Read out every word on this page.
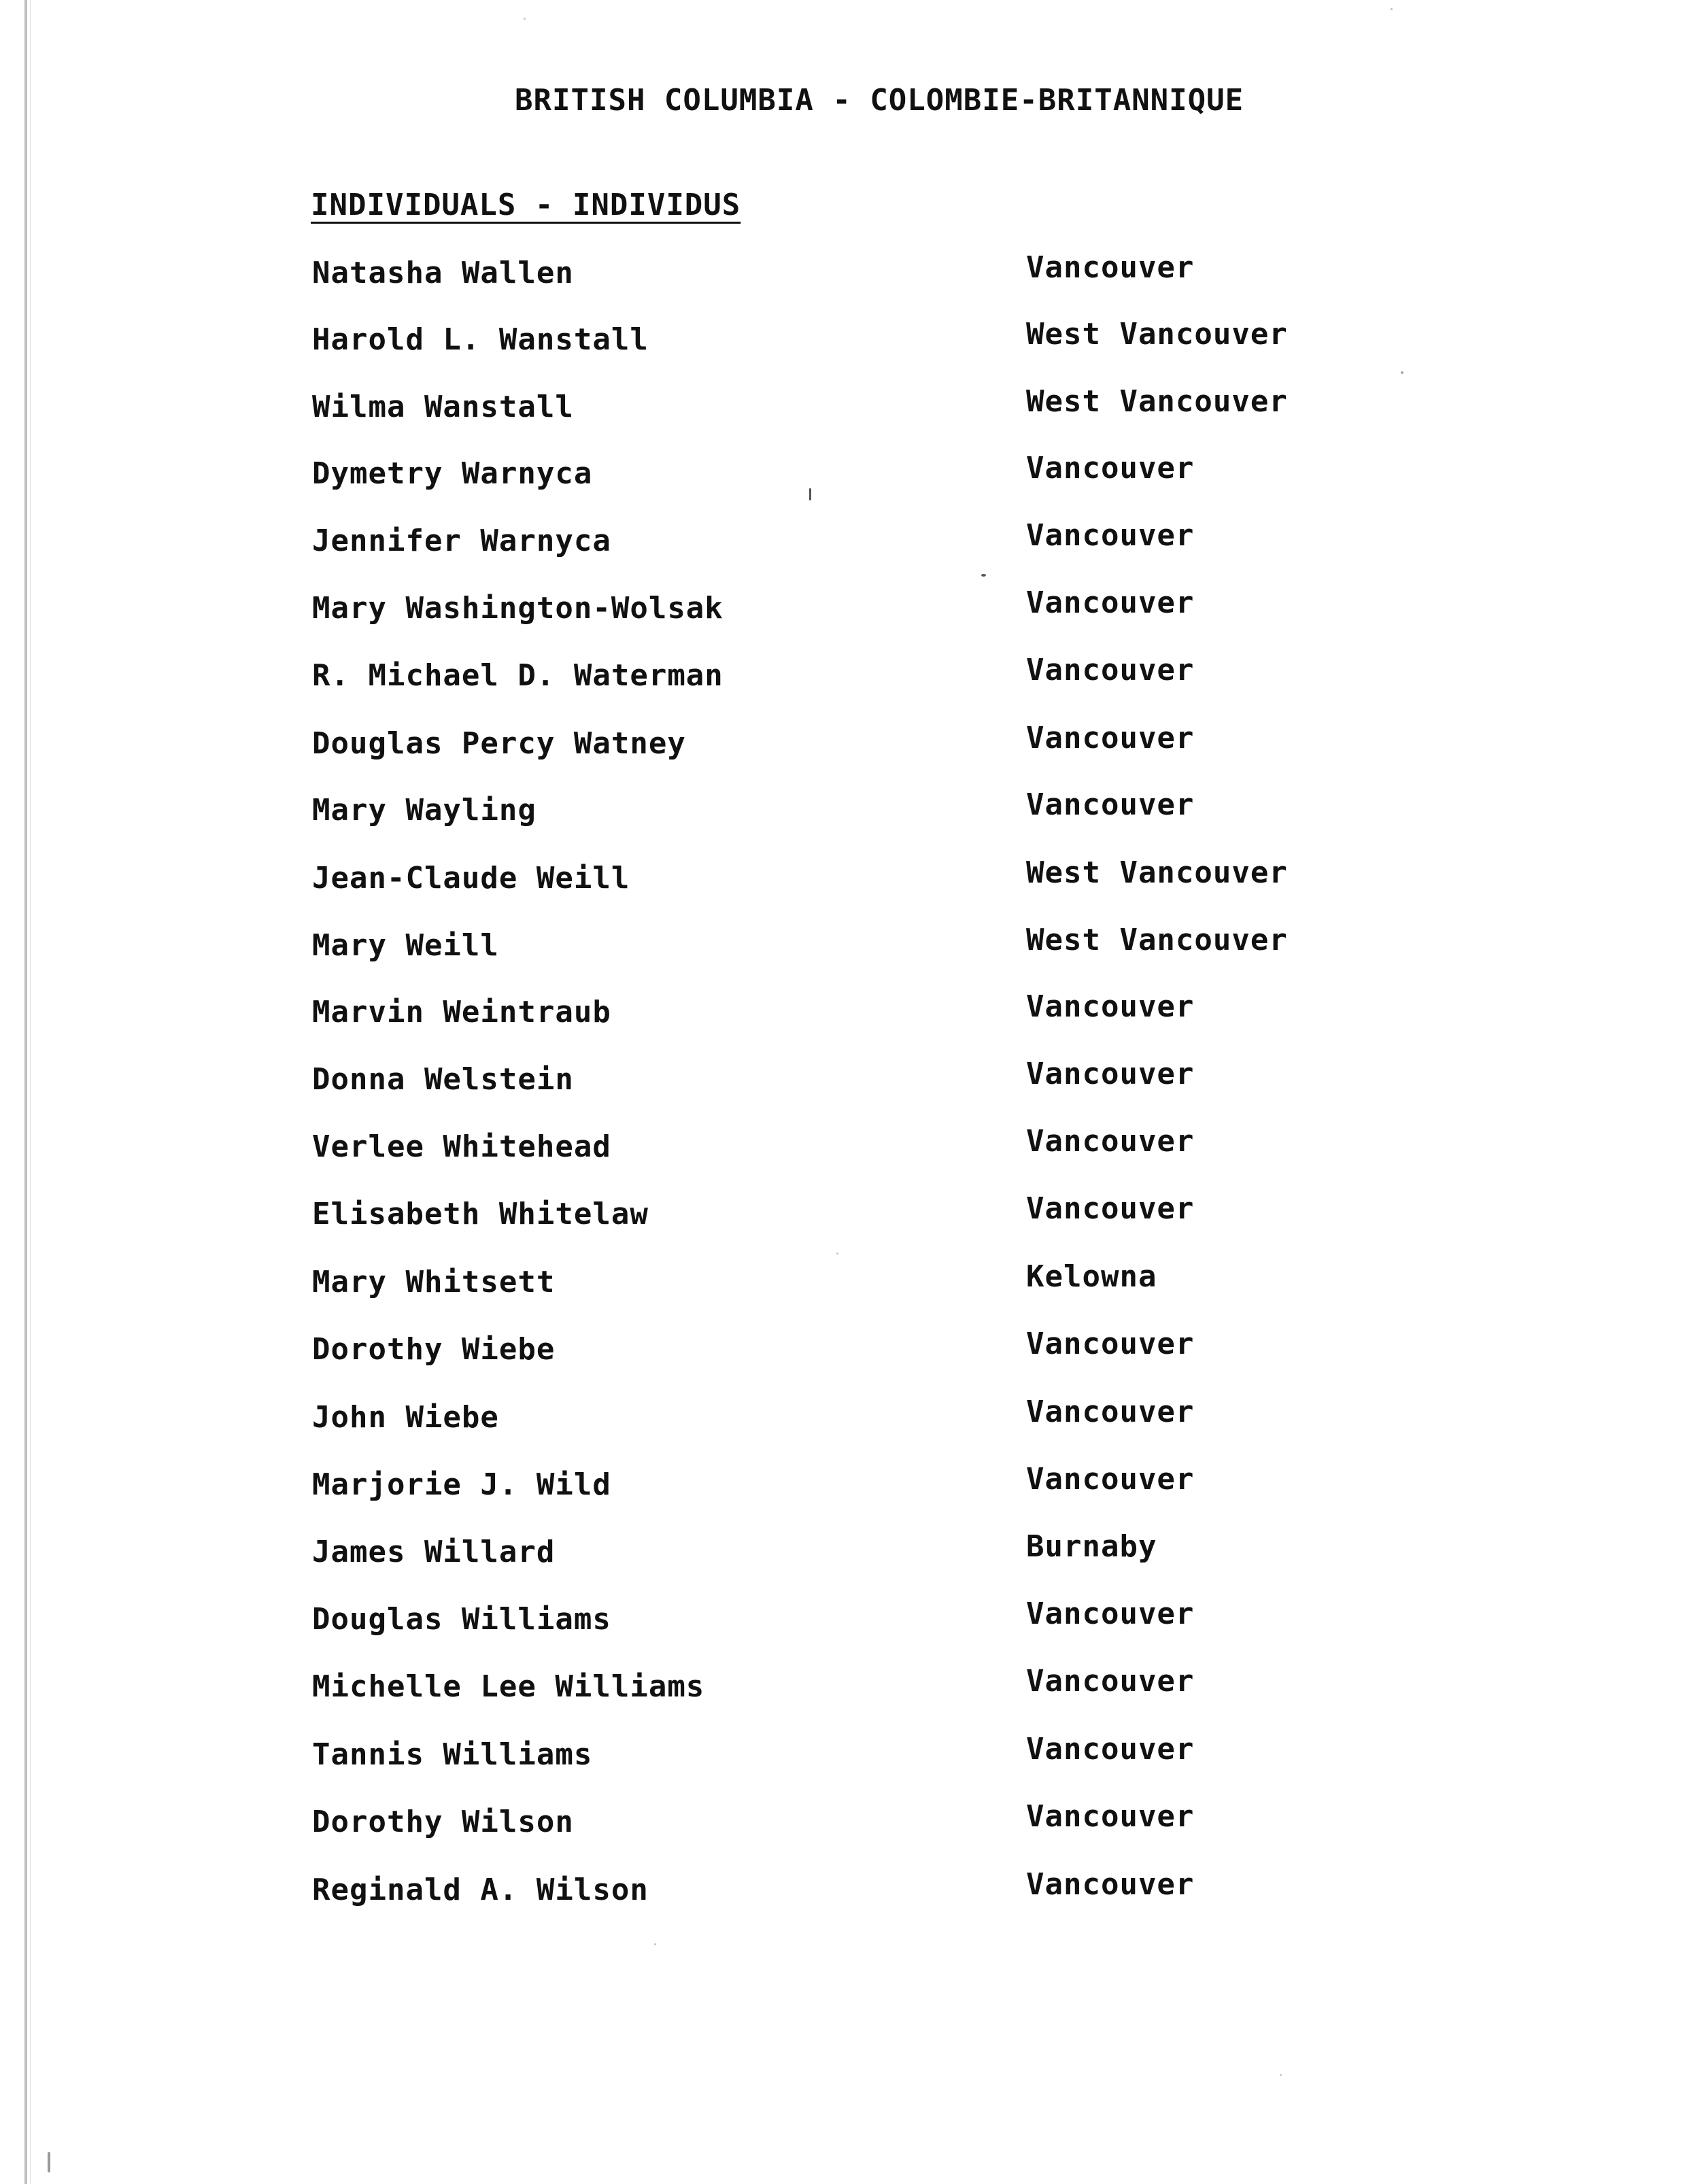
BRITISH COLUMBIA - COLOMBIE-BRITANNIQUE
INDIVIDUALS - INDIVIDUS
Natasha Wallen	Vancouver
Harold L. Wanstall	West Vancouver
Wilma Wanstall	West Vancouver
Dymetry Warnyca	Vancouver
Jennifer Warnyca	Vancouver
Mary Washington-Wolsak	Vancouver
R. Michael D. Waterman	Vancouver
Douglas Percy Watney	Vancouver
Mary Wayling	Vancouver
Jean-Claude Weill	West Vancouver
Mary Weill	West Vancouver
Marvin Weintraub	Vancouver
Donna Welstein	Vancouver
Verlee Whitehead	Vancouver
Elisabeth Whitelaw	Vancouver
Mary Whitsett	Kelowna
Dorothy Wiebe	Vancouver
John Wiebe	Vancouver
Marjorie J. Wild	Vancouver
James Willard	Burnaby
Douglas Williams	Vancouver
Michelle Lee Williams	Vancouver
Tannis Williams	Vancouver
Dorothy Wilson	Vancouver
Reginald A. Wilson	Vancouver
